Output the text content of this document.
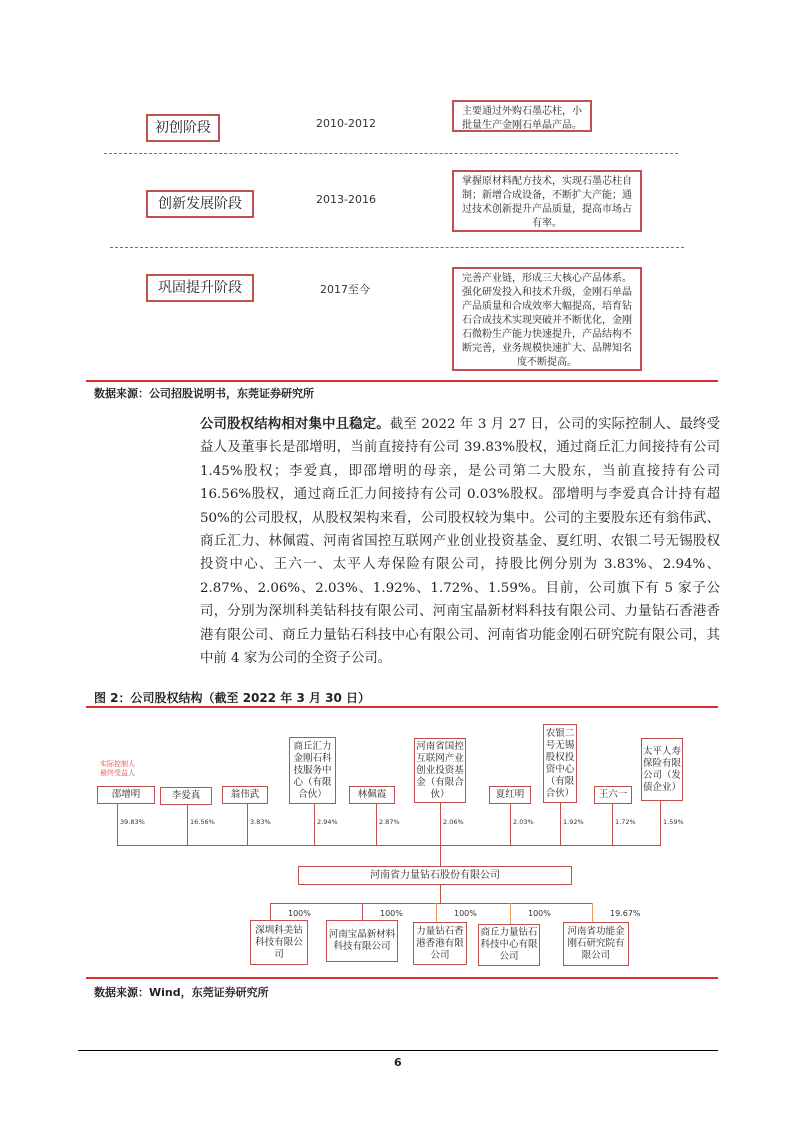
初创阶段	2010-2012
主要通过外购石墨芯柱，小批量生产金刚石单晶产品。
创新发展阶段	2013-2016
掌握原材料配方技术，实现石墨芯柱自制；新增合成设备，不断扩大产能；通过技术创新提升产品质量，提高市场占有率。
巩固提升阶段	2017至今
完善产业链，形成三大核心产品体系。强化研发投入和技术升级，金刚石单晶产品质量和合成效率大幅提高，培育钻石合成技术实现突破并不断优化，金刚石微粉生产能力快速提升，产品结构不断完善，业务规模快速扩大、品牌知名度不断提高。
数据来源：公司招股说明书，东莞证券研究所
公司股权结构相对集中且稳定。截至 2022 年 3 月 27 日，公司的实际控制人、最终受益人及董事长是邵增明，当前直接持有公司 39.83%股权，通过商丘汇力间接持有公司 1.45%股权；李爱真，即邵增明的母亲，是公司第二大股东，当前直接持有公司 16.56%股权，通过商丘汇力间接持有公司 0.03%股权。邵增明与李爱真合计持有超 50%的公司股权，从股权架构来看，公司股权较为集中。公司的主要股东还有翁伟武、商丘汇力、林佩霞、河南省国控互联网产业创业投资基金、夏红明、农银二号无锡股权投资中心、王六一、太平人寿保险有限公司，持股比例分别为 3.83%、2.94%、2.87%、2.06%、2.03%、1.92%、1.72%、1.59%。目前，公司旗下有 5 家子公司，分别为深圳科美钻科技有限公司、河南宝晶新材料科技有限公司、力量钻石香港香港有限公司、商丘力量钻石科技中心有限公司、河南省功能金刚石研究院有限公司，其中前 4 家为公司的全资子公司。
图 2：公司股权结构（截至 2022 年 3 月 30 日）
邵增明
39.83%
李爱真
16.56%
翁伟武
3.83%
商丘汇力金刚石科技服务中心（有限合伙）
2.94%
林佩霞
2.87%
河南省国控互联网产业创业投资基金（有限合伙）
2.06%
夏红明
2.03%
农银二号无锡股权投资中心（有限合伙）
1.92%
王六一
1.72%
太平人寿保险有限公司（发债企业）
1.59%
河南省力量钻石股份有限公司
深圳科美钻科技有限公司
100%
河南宝晶新材料科技有限公司
100%
力量钻石香港香港有限公司
100%
商丘力量钻石科技中心有限公司
100%
河南省功能金刚石研究院有限公司
19.67%
实际控制人
最终受益人
数据来源：Wind，东莞证券研究所
6
